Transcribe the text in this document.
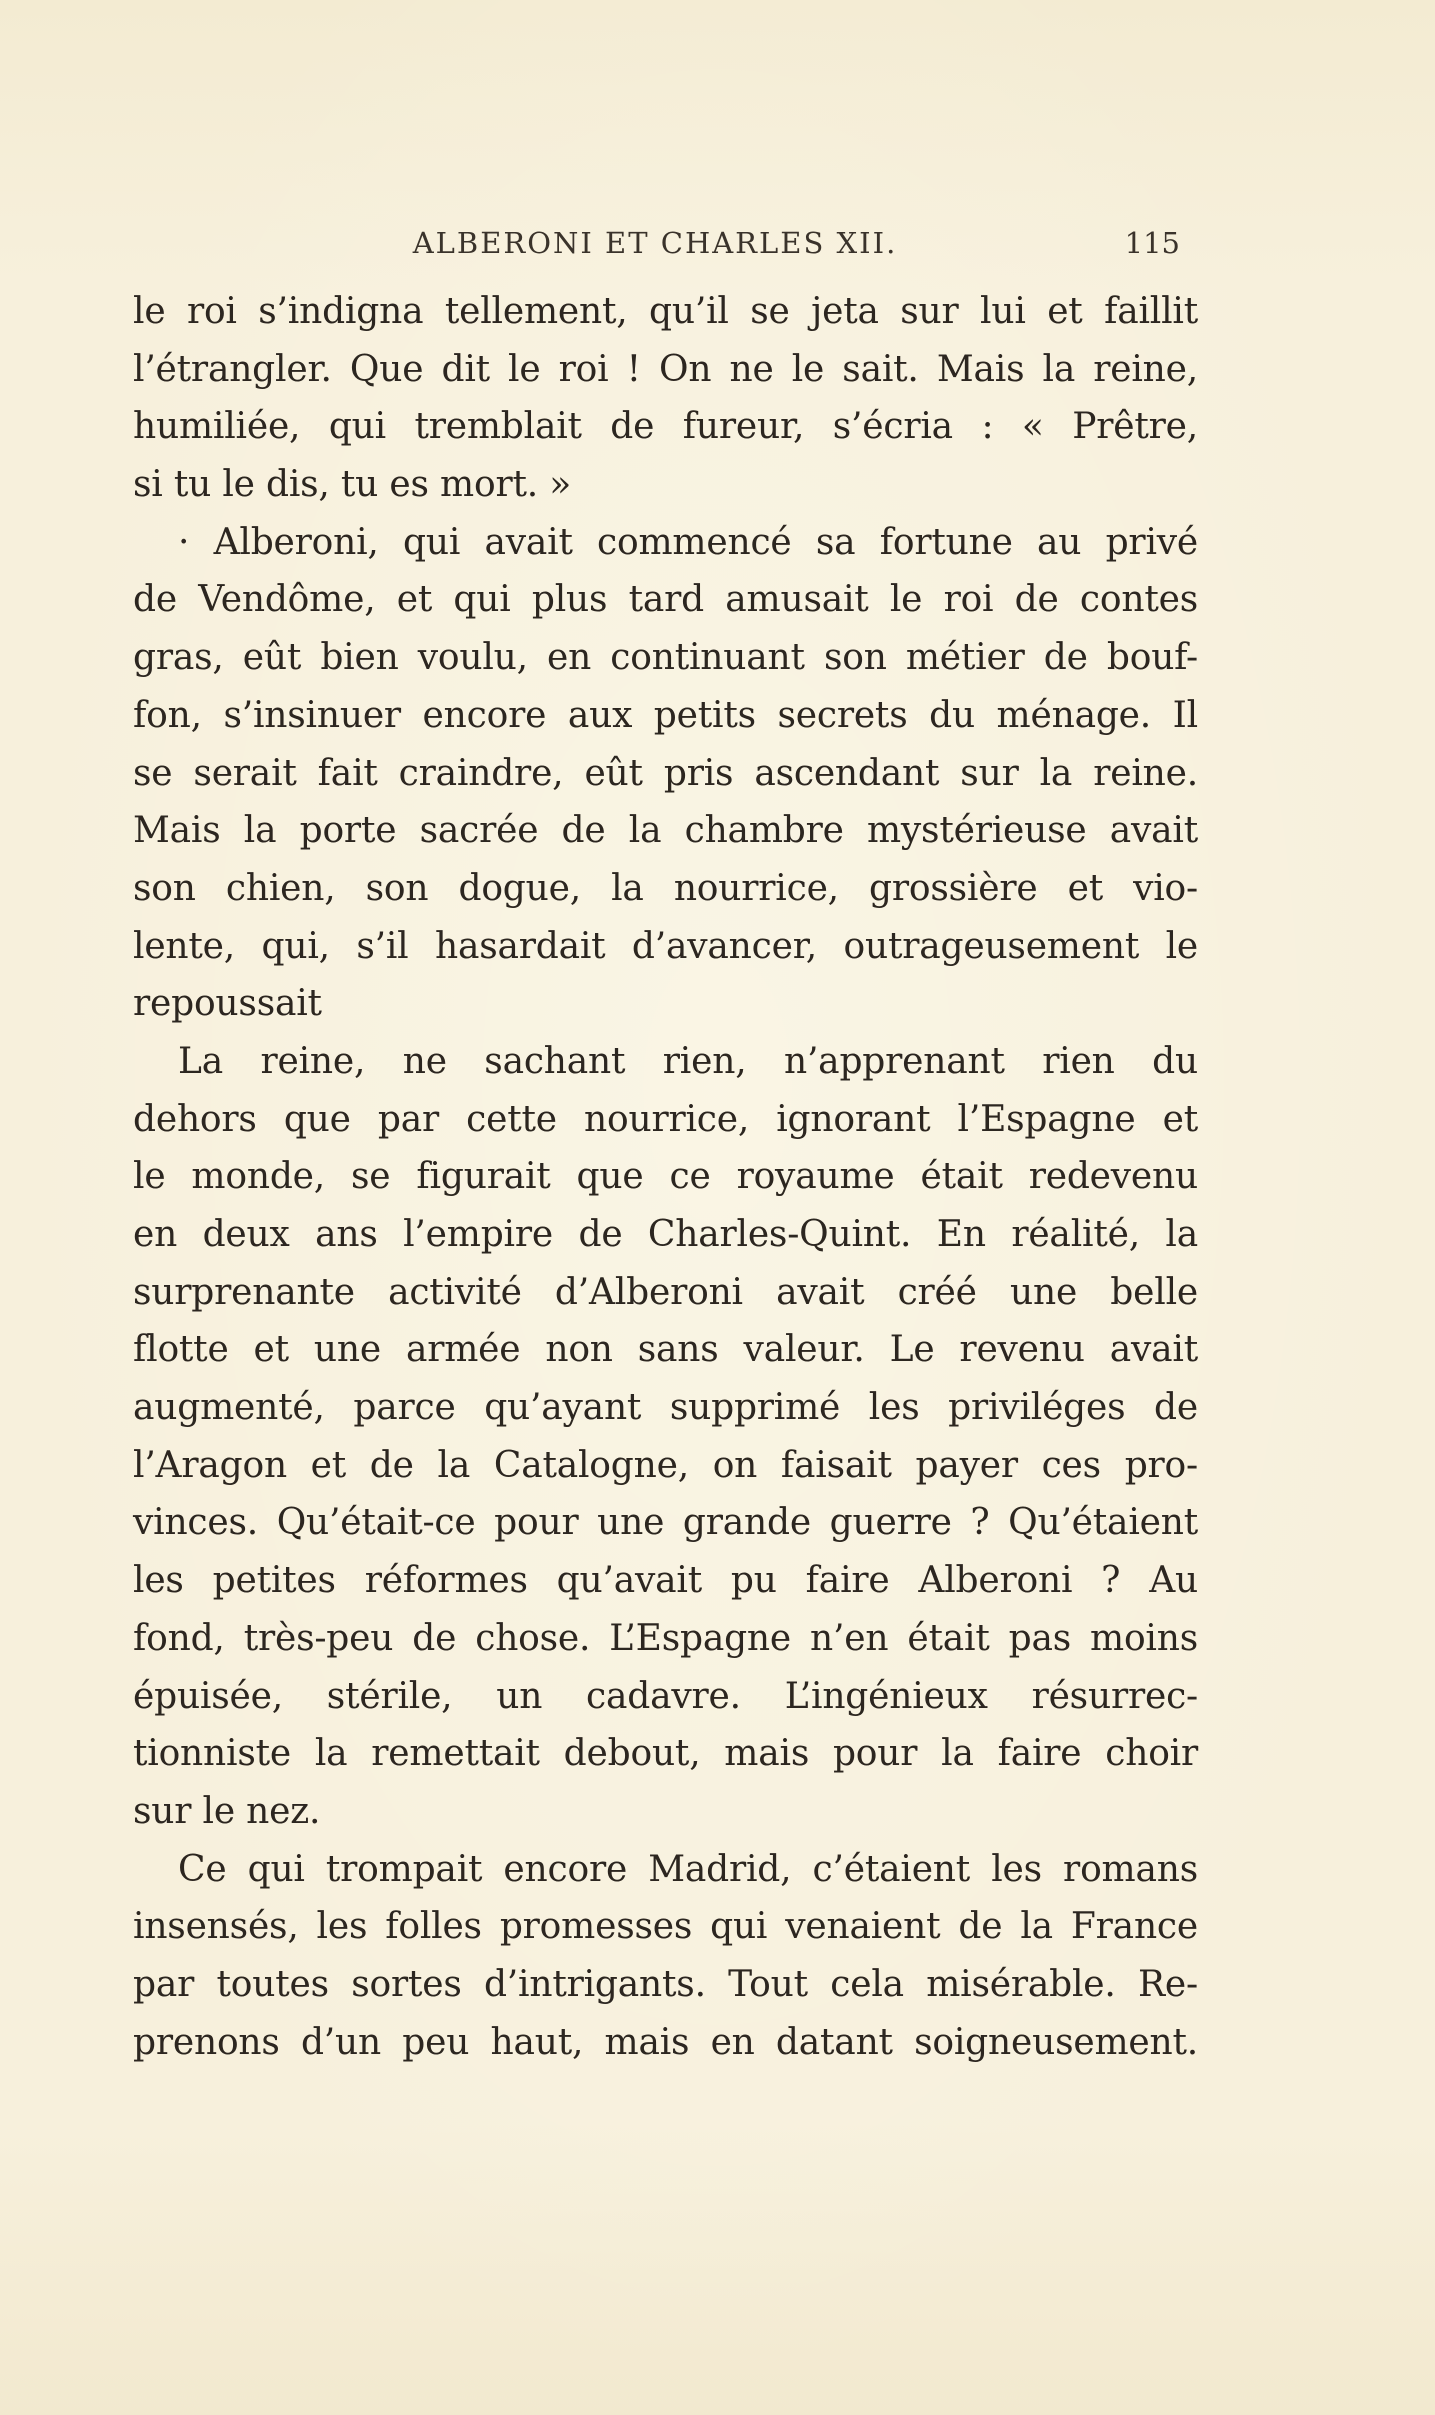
ALBERONI ET CHARLES XII.	115
le roi s’indigna tellement, qu’il se jeta sur lui et faillit
l’étrangler. Que dit le roi ! On ne le sait. Mais la reine,
humiliée, qui tremblait de fureur, s’écria : « Prêtre,
si tu le dis, tu es mort. »
· Alberoni, qui avait commencé sa fortune au privé
de Vendôme, et qui plus tard amusait le roi de contes
gras, eût bien voulu, en continuant son métier de bouf-
fon, s’insinuer encore aux petits secrets du ménage. Il
se serait fait craindre, eût pris ascendant sur la reine.
Mais la porte sacrée de la chambre mystérieuse avait
son chien, son dogue, la nourrice, grossière et vio-
lente, qui, s’il hasardait d’avancer, outrageusement le
repoussait
La reine, ne sachant rien, n’apprenant rien du
dehors que par cette nourrice, ignorant l’Espagne et
le monde, se figurait que ce royaume était redevenu
en deux ans l’empire de Charles-Quint. En réalité, la
surprenante activité d’Alberoni avait créé une belle
flotte et une armée non sans valeur. Le revenu avait
augmenté, parce qu’ayant supprimé les priviléges de
l’Aragon et de la Catalogne, on faisait payer ces pro-
vinces. Qu’était-ce pour une grande guerre ? Qu’étaient
les petites réformes qu’avait pu faire Alberoni ? Au
fond, très-peu de chose. L’Espagne n’en était pas moins
épuisée, stérile, un cadavre. L’ingénieux résurrec-
tionniste la remettait debout, mais pour la faire choir
sur le nez.
Ce qui trompait encore Madrid, c’étaient les romans
insensés, les folles promesses qui venaient de la France
par toutes sortes d’intrigants. Tout cela misérable. Re-
prenons d’un peu haut, mais en datant soigneusement.
